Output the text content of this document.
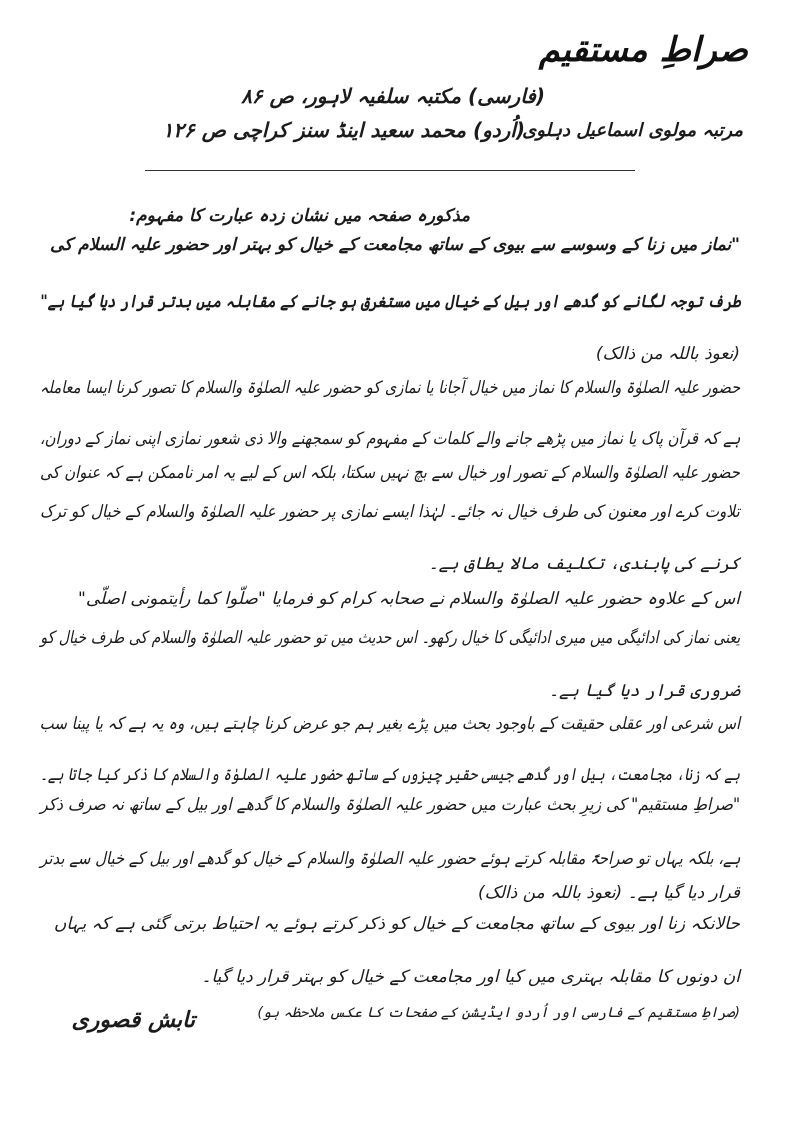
صراطِ مستقیم
(فارسی) مکتبہ سلفیہ لاہور، ص ۸۶
(اُردو) محمد سعید اینڈ سنز کراچی ص ۱۲۶
مرتبہ مولوی اسماعیل دہلوی
مذکورہ صفحہ میں نشان زدہ عبارت کا مفہوم:
"نماز میں زنا کے وسوسے سے بیوی کے ساتھ مجامعت کے خیال کو بہتر اور حضور علیہ السلام کی
طرف توجہ لگانے کو گدھے اور بیل کے خیال میں مستغرق ہو جانے کے مقابلہ میں بدتر قرار دیا گیا ہے"
(نعوذ باللہ من ذالک)
حضور علیہ الصلوٰۃ والسلام کا نماز میں خیال آجانا یا نمازی کو حضور علیہ الصلوٰۃ والسلام کا تصور کرنا ایسا معاملہ
ہے کہ قرآن پاک یا نماز میں پڑھے جانے والے کلمات کے مفہوم کو سمجھنے والا ذی شعور نمازی اپنی نماز کے دوران،
حضور علیہ الصلوٰۃ والسلام کے تصور اور خیال سے بچ نہیں سکتا، بلکہ اس کے لیے یہ امر ناممکن ہے کہ عنوان کی
تلاوت کرے اور معنون کی طرف خیال نہ جائے۔ لہٰذا ایسے نمازی پر حضور علیہ الصلوٰۃ والسلام کے خیال کو ترک
کرنے کی پابندی، تکلیف مالا یطاق ہے۔
اس کے علاوہ حضور علیہ الصلوٰۃ والسلام نے صحابہ کرام کو فرمایا "صلّوا کما رأیتمونی اصلّی"
یعنی نماز کی ادائیگی میں میری ادائیگی کا خیال رکھو۔ اس حدیث میں تو حضور علیہ الصلوٰۃ والسلام کی طرف خیال کو
ضروری قرار دیا گیا ہے۔
اس شرعی اور عقلی حقیقت کے باوجود بحث میں پڑے بغیر ہم جو عرض کرنا چاہتے ہیں، وہ یہ ہے کہ یا پینا سب
ہے کہ زنا، مجامعت، بیل اور گدھے جیسی حقیر چیزوں کے ساتھ حضور علیہ الصلوٰۃ والسلام کا ذکر کیا جاتا ہے۔
"صراطِ مستقیم" کی زیرِ بحث عبارت میں حضور علیہ الصلوٰۃ والسلام کا گدھے اور بیل کے ساتھ نہ صرف ذکر
ہے، بلکہ یہاں تو صراحۃً مقابلہ کرتے ہوئے حضور علیہ الصلوٰۃ والسلام کے خیال کو گدھے اور بیل کے خیال سے بدتر
قرار دیا گیا ہے۔ (نعوذ باللہ من ذالک)
حالانکہ زنا اور بیوی کے ساتھ مجامعت کے خیال کو ذکر کرتے ہوئے یہ احتیاط برتی گئی ہے کہ یہاں
ان دونوں کا مقابلہ بہتری میں کیا اور مجامعت کے خیال کو بہتر قرار دیا گیا۔
(صراطِ مستقیم کے فارسی اور اُردو ایڈیشن کے صفحات کا عکس ملاحظہ ہو)
تابش قصوری
